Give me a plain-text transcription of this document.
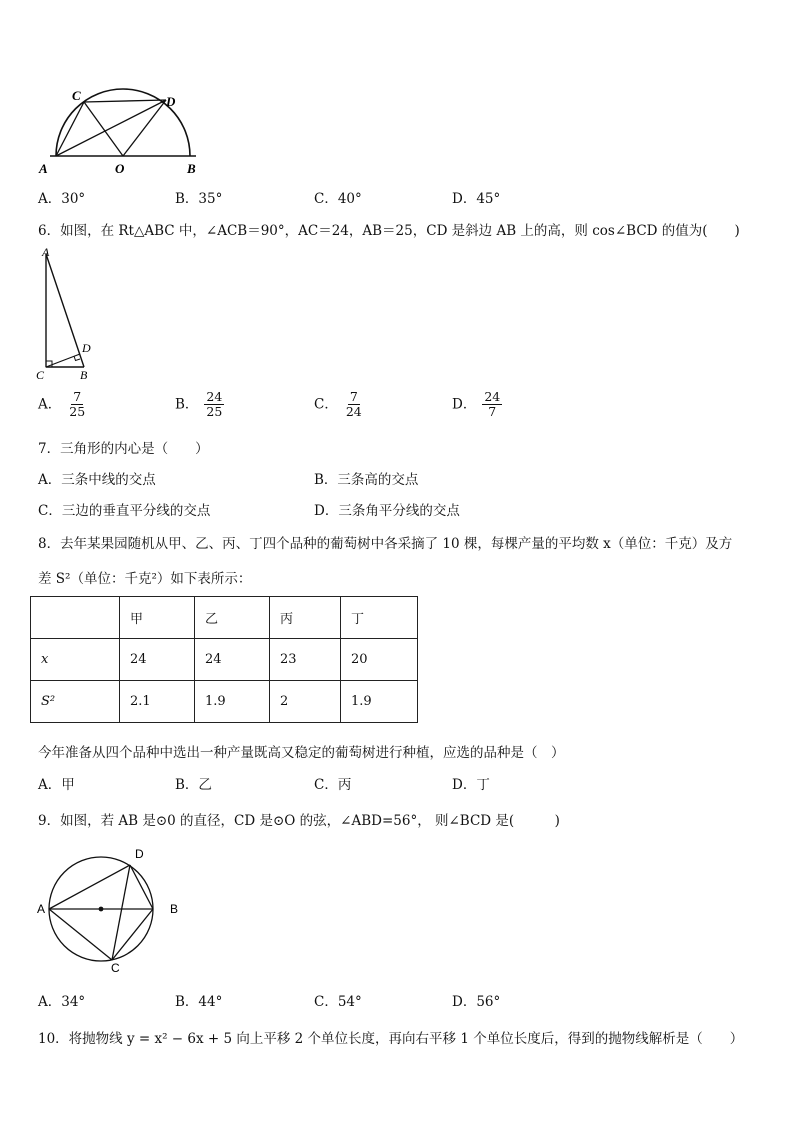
C	D
A	O	B
A．30°	B．35°	C．40°	D．45°
6．如图，在 Rt△ABC 中，∠ACB＝90°，AC＝24，AB＝25，CD 是斜边 AB 上的高，则 cos∠BCD 的值为(　　)
A
D
C	B
A． $\frac{7}{25}$	B． $\frac{24}{25}$	C． $\frac{7}{24}$	D． $\frac{24}{7}$
7．三角形的内心是（　　）
A．三条中线的交点	B．三条高的交点
C．三边的垂直平分线的交点	D．三条角平分线的交点
8．去年某果园随机从甲、乙、丙、丁四个品种的葡萄树中各采摘了 10 棵，每棵产量的平均数 x（单位：千克）及方
差 S²（单位：千克²）如下表所示：
	甲	乙	丙	丁
x	24	24	23	20
S²	2.1	1.9	2	1.9
今年准备从四个品种中选出一种产量既高又稳定的葡萄树进行种植，应选的品种是（　）
A．甲	B．乙	C．丙	D．丁
9．如图，若 AB 是⊙0 的直径，CD 是⊙O 的弦，∠ABD=56°， 则∠BCD 是(　　　)
D
A	B
C
A．34°	B．44°	C．54°	D．56°
10．将抛物线 y = x² − 6x + 5 向上平移 2 个单位长度，再向右平移 1 个单位长度后，得到的抛物线解析是（　　）
